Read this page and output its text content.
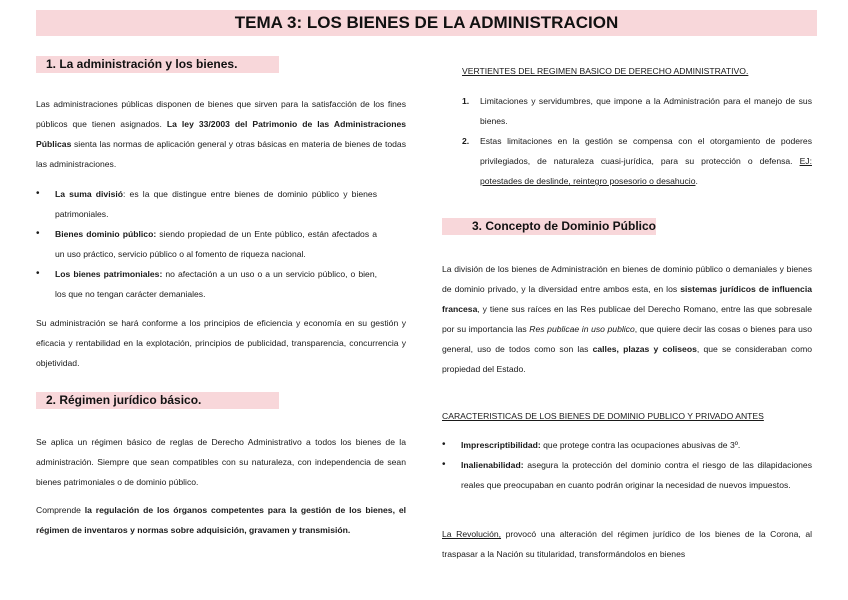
TEMA 3: LOS BIENES DE LA ADMINISTRACION
1. La administración y los bienes.
Las administraciones públicas disponen de bienes que sirven para la satisfacción de los fines públicos que tienen asignados. La ley 33/2003 del Patrimonio de las Administraciones Públicas sienta las normas de aplicación general y otras básicas en materia de bienes de todas las administraciones.
• La suma divisió: es la que distingue entre bienes de dominio público y bienes patrimoniales.
• Bienes dominio público: siendo propiedad de un Ente público, están afectados a un uso práctico, servicio público o al fomento de riqueza nacional.
• Los bienes patrimoniales: no afectación a un uso o a un servicio público, o bien, los que no tengan carácter demaniales.
Su administración se hará conforme a los principios de eficiencia y economía en su gestión y eficacia y rentabilidad en la explotación, principios de publicidad, transparencia, concurrencia y objetividad.
2. Régimen jurídico básico.
Se aplica un régimen básico de reglas de Derecho Administrativo a todos los bienes de la administración. Siempre que sean compatibles con su naturaleza, con independencia de sean bienes patrimoniales o de dominio público.
Comprende la regulación de los órganos competentes para la gestión de los bienes, el régimen de inventaros y normas sobre adquisición, gravamen y transmisión.
VERTIENTES DEL REGIMEN BASICO DE DERECHO ADMINISTRATIVO.
1. Limitaciones y servidumbres, que impone a la Administración para el manejo de sus bienes.
2. Estas limitaciones en la gestión se compensa con el otorgamiento de poderes privilegiados, de naturaleza cuasi-jurídica, para su protección o defensa. EJ: potestades de deslinde, reintegro posesorio o desahucio.
3. Concepto de Dominio Público
La división de los bienes de Administración en bienes de dominio público o demaniales y bienes de dominio privado, y la diversidad entre ambos esta, en los sistemas jurídicos de influencia francesa, y tiene sus raíces en las Res publicae del Derecho Romano, entre las que sobresale por su importancia las Res publicae in uso publico, que quiere decir las cosas o bienes para uso general, uso de todos como son las calles, plazas y coliseos, que se consideraban como propiedad del Estado.
CARACTERISTICAS DE LOS BIENES DE DOMINIO PUBLICO Y PRIVADO ANTES
• Imprescriptibilidad: que protege contra las ocupaciones abusivas de 3º.
• Inalienabilidad: asegura la protección del dominio contra el riesgo de las dilapidaciones reales que preocupaban en cuanto podrán originar la necesidad de nuevos impuestos.
La Revolución, provocó una alteración del régimen jurídico de los bienes de la Corona, al traspasar a la Nación su titularidad, transformándolos en bienes
